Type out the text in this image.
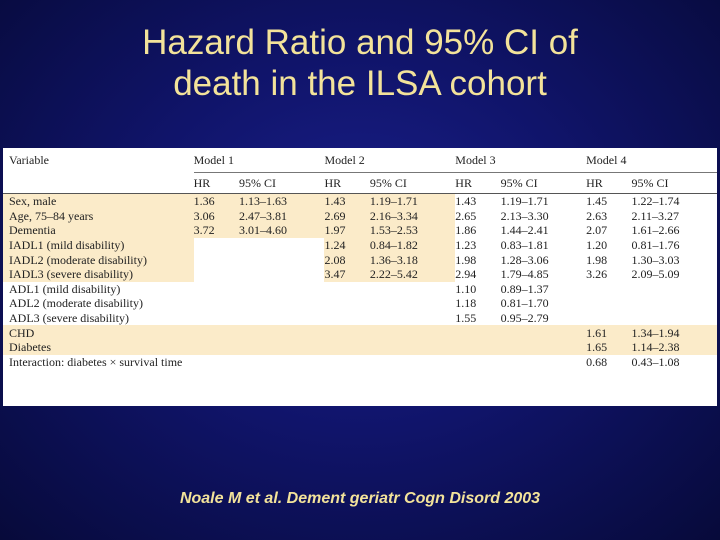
Hazard Ratio and 95% CI of
death in the ILSA cohort
Variable	Model 1		Model 2		Model 3		Model 4	
	HR	95% CI	HR	95% CI	HR	95% CI	HR	95% CI
Sex, male	1.36	1.13–1.63	1.43	1.19–1.71	1.43	1.19–1.71	1.45	1.22–1.74
Age, 75–84 years	3.06	2.47–3.81	2.69	2.16–3.34	2.65	2.13–3.30	2.63	2.11–3.27
Dementia	3.72	3.01–4.60	1.97	1.53–2.53	1.86	1.44–2.41	2.07	1.61–2.66
IADL1 (mild disability)			1.24	0.84–1.82	1.23	0.83–1.81	1.20	0.81–1.76
IADL2 (moderate disability)			2.08	1.36–3.18	1.98	1.28–3.06	1.98	1.30–3.03
IADL3 (severe disability)			3.47	2.22–5.42	2.94	1.79–4.85	3.26	2.09–5.09
ADL1 (mild disability)					1.10	0.89–1.37		
ADL2 (moderate disability)					1.18	0.81–1.70		
ADL3 (severe disability)					1.55	0.95–2.79		
CHD							1.61	1.34–1.94
Diabetes							1.65	1.14–2.38
Interaction: diabetes × survival time							0.68	0.43–1.08

Noale M et al. Dement geriatr Cogn Disord 2003
